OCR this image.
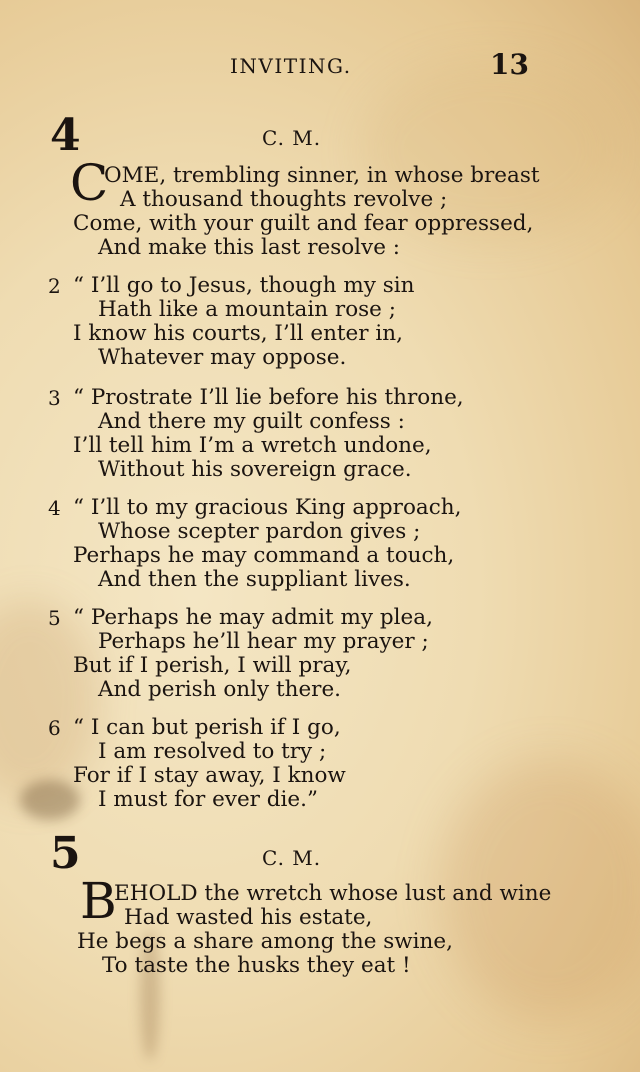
INVITING.	13
4	C. M.
C
OME, trembling sinner, in whose breast
A thousand thoughts revolve ;
Come, with your guilt and fear oppressed,
And make this last resolve :
2 “ I’ll go to Jesus, though my sin
Hath like a mountain rose ;
I know his courts, I’ll enter in,
Whatever may oppose.
3 “ Prostrate I’ll lie before his throne,
And there my guilt confess :
I’ll tell him I’m a wretch undone,
Without his sovereign grace.
4 “ I’ll to my gracious King approach,
Whose scepter pardon gives ;
Perhaps he may command a touch,
And then the suppliant lives.
5 “ Perhaps he may admit my plea,
Perhaps he’ll hear my prayer ;
But if I perish, I will pray,
And perish only there.
6 “ I can but perish if I go,
I am resolved to try ;
For if I stay away, I know
I must for ever die.”
5	C. M.
B
EHOLD the wretch whose lust and wine
Had wasted his estate,
He begs a share among the swine,
To taste the husks they eat !
